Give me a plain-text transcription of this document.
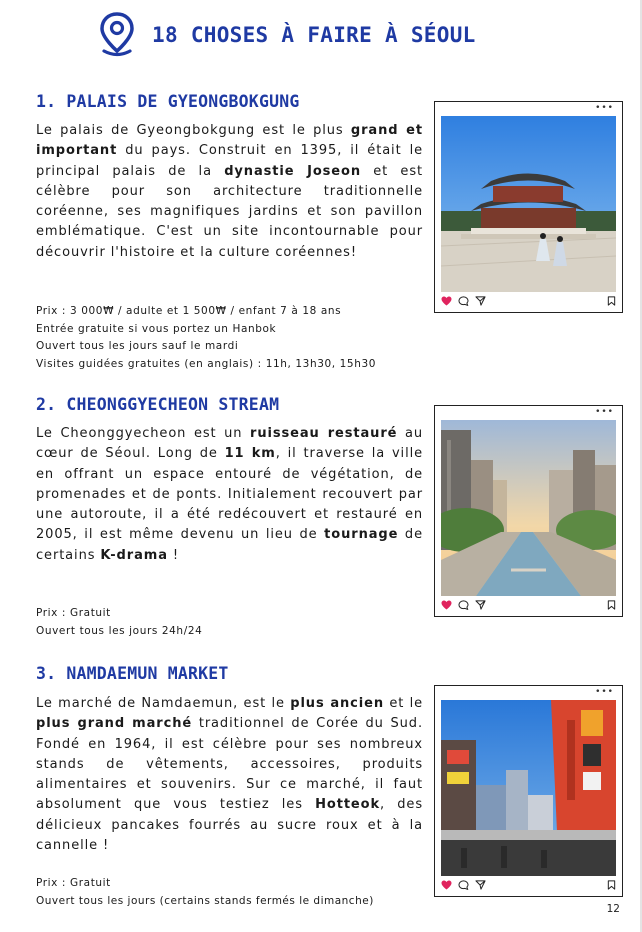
18 CHOSES À FAIRE À SÉOUL
1. PALAIS DE GYEONGBOKGUNG

Le palais de Gyeongbokgung est le plus grand et important du pays. Construit en 1395, il était le principal palais de la dynastie Joseon et est célèbre pour son architecture traditionnelle coréenne, ses magnifiques jardins et son pavillon emblématique. C'est un site incontournable pour découvrir l'histoire et la culture coréennes!

Prix : 3 000₩ / adulte et 1 500₩ / enfant 7 à 18 ans
Entrée gratuite si vous portez un Hanbok
Ouvert tous les jours sauf le mardi
Visites guidées gratuites (en anglais) : 11h, 13h30, 15h30
•••
2. CHEONGGYECHEON STREAM

Le Cheonggyecheon est un ruisseau restauré au cœur de Séoul. Long de 11 km, il traverse la ville en offrant un espace entouré de végétation, de promenades et de ponts. Initialement recouvert par une autoroute, il a été redécouvert et restauré en 2005, il est même devenu un lieu de tournage de certains K-drama !

Prix : Gratuit
Ouvert tous les jours 24h/24
•••
3. NAMDAEMUN MARKET

Le marché de Namdaemun, est le plus ancien et le plus grand marché traditionnel de Corée du Sud. Fondé en 1964, il est célèbre pour ses nombreux stands de vêtements, accessoires, produits alimentaires et souvenirs. Sur ce marché, il faut absolument que vous testiez les Hotteok, des délicieux pancakes fourrés au sucre roux et à la cannelle !

Prix : Gratuit
Ouvert tous les jours (certains stands fermés le dimanche)
•••
12
